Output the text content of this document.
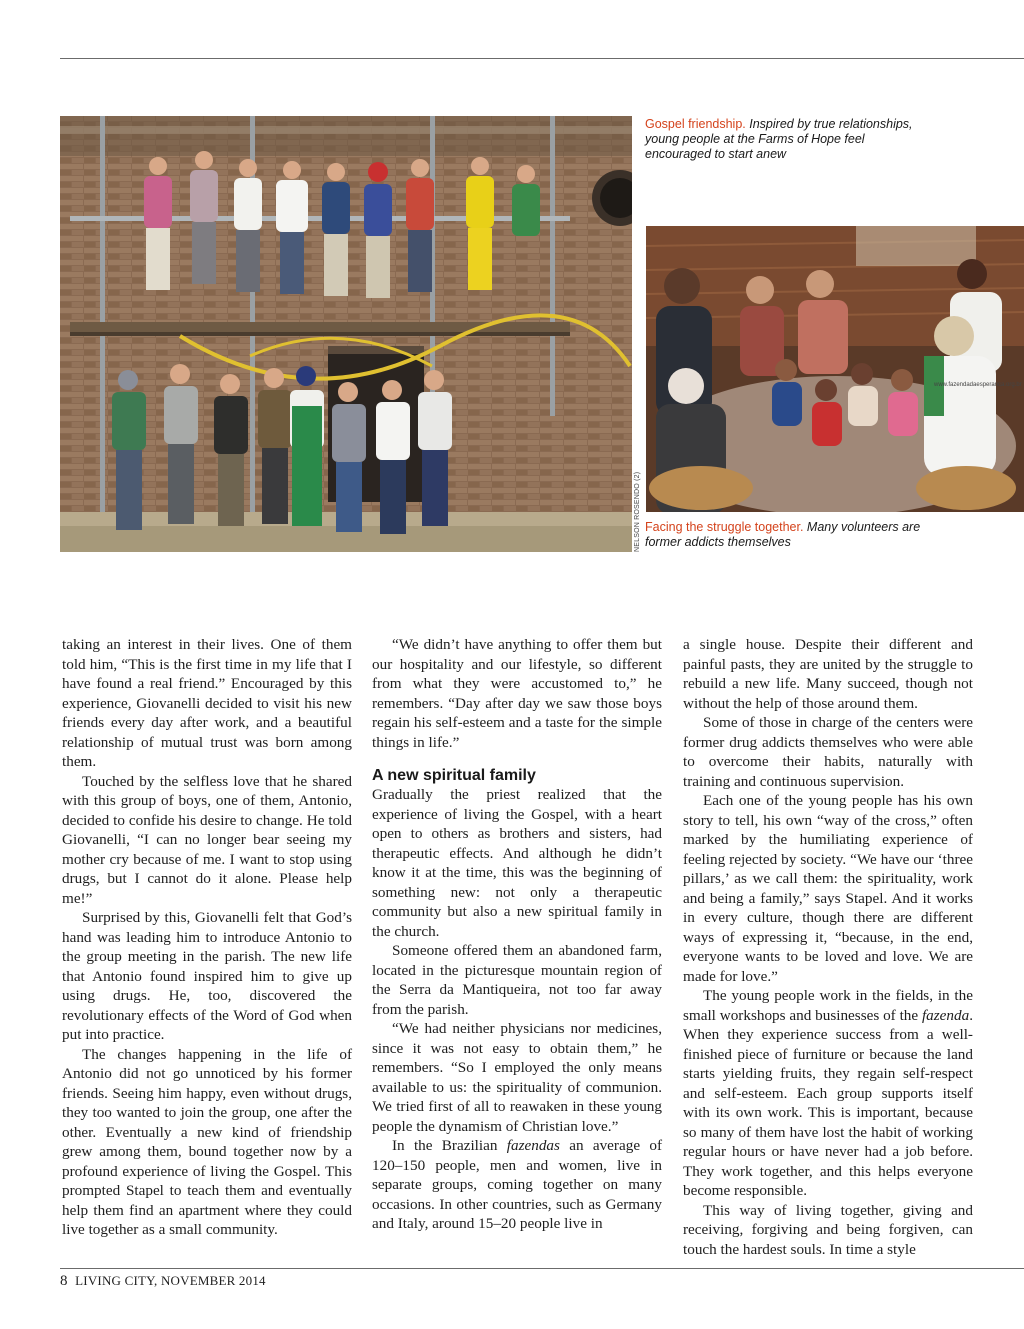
www.fazendadaesperanca.org.br
Gospel friendship. Inspired by true relationships, young people at the Farms of Hope feel encouraged to start anew
Facing the struggle together. Many volunteers are former addicts themselves
NELSON ROSENDO (2)

taking an interest in their lives. One of them told him, “This is the first time in my life that I have found a real friend.” Encouraged by this experience, Giovanelli decided to visit his new friends every day after work, and a beautiful relationship of mutual trust was born among them.

Touched by the selfless love that he shared with this group of boys, one of them, Antonio, decided to confide his desire to change. He told Giovanelli, “I can no longer bear seeing my mother cry because of me. I want to stop using drugs, but I cannot do it alone. Please help me!”

Surprised by this, Giovanelli felt that God’s hand was leading him to introduce Antonio to the group meeting in the parish. The new life that Antonio found inspired him to give up using drugs. He, too, discovered the revolutionary effects of the Word of God when put into practice.

The changes happening in the life of Antonio did not go unnoticed by his former friends. Seeing him happy, even without drugs, they too wanted to join the group, one after the other. Eventually a new kind of friendship grew among them, bound together now by a profound experience of living the Gospel. This prompted Stapel to teach them and eventually help them find an apartment where they could live together as a small community.

“We didn’t have anything to offer them but our hospitality and our lifestyle, so different from what they were accustomed to,” he remembers. “Day after day we saw those boys regain his self-esteem and a taste for the simple things in life.”

A new spiritual family

Gradually the priest realized that the experience of living the Gospel, with a heart open to others as brothers and sisters, had therapeutic effects. And although he didn’t know it at the time, this was the beginning of something new: not only a therapeutic community but also a new spiritual family in the church.

Someone offered them an abandoned farm, located in the picturesque mountain region of the Serra da Mantiqueira, not too far away from the parish.

“We had neither physicians nor medicines, since it was not easy to obtain them,” he remembers. “So I employed the only means available to us: the spirituality of communion. We tried first of all to reawaken in these young people the dynamism of Christian love.”

In the Brazilian fazendas an average of 120–150 people, men and women, live in separate groups, coming together on many occasions. In other countries, such as Germany and Italy, around 15–20 people live in

a single house. Despite their different and painful pasts, they are united by the struggle to rebuild a new life. Many succeed, though not without the help of those around them.

Some of those in charge of the centers were former drug addicts themselves who were able to overcome their habits, naturally with training and continuous supervision.

Each one of the young people has his own story to tell, his own “way of the cross,” often marked by the humiliating experience of feeling rejected by society. “We have our ‘three pillars,’ as we call them: the spirituality, work and being a family,” says Stapel. And it works in every culture, though there are different ways of expressing it, “because, in the end, everyone wants to be loved and love. We are made for love.”

The young people work in the fields, in the small workshops and businesses of the fazenda. When they experience success from a well-finished piece of furniture or because the land starts yielding fruits, they regain self-respect and self-esteem. Each group supports itself with its own work. This is important, because so many of them have lost the habit of working regular hours or have never had a job before. They work together, and this helps everyone become responsible.

This way of living together, giving and receiving, forgiving and being forgiven, can touch the hardest souls. In time a style

8 LIVING CITY, NOVEMBER 2014
